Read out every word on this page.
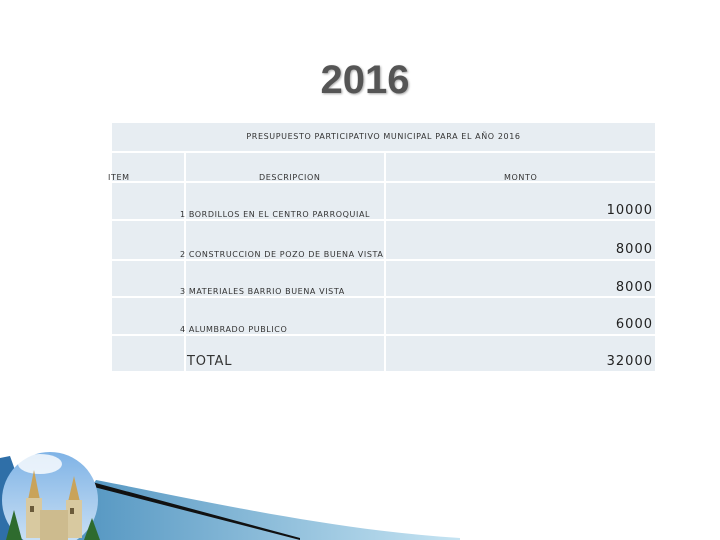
2016
PRESUPUESTO PARTICIPATIVO MUNICIPAL PARA EL AÑO 2016
ITEM	DESCRIPCION	MONTO
1 BORDILLOS EN EL CENTRO PARROQUIAL	10000
2 CONSTRUCCION DE POZO DE BUENA VISTA	8000
3 MATERIALES BARRIO BUENA VISTA	8000
4 ALUMBRADO PUBLICO	6000
TOTAL	32000
